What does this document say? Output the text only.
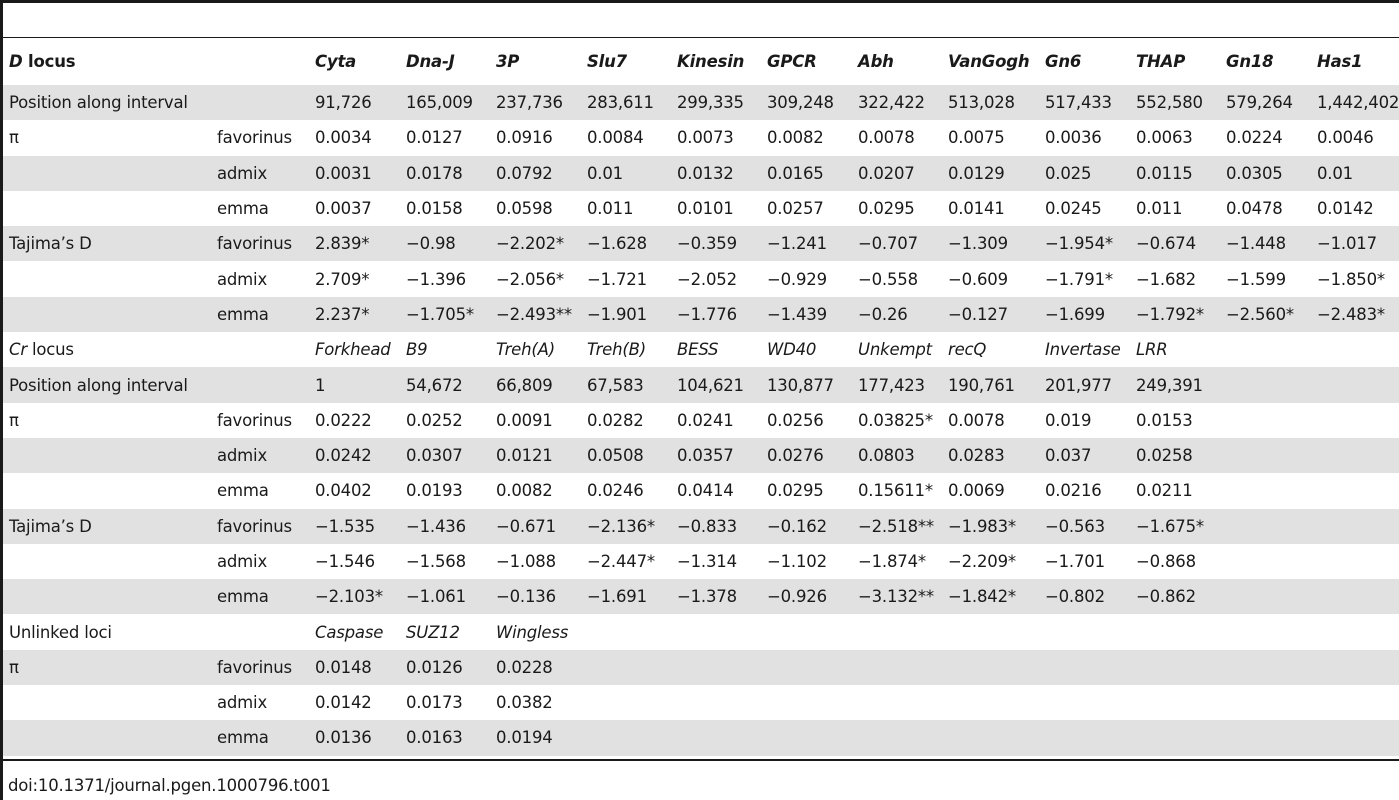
D locus		Cyta	Dna-J	3P	Slu7	Kinesin	GPCR	Abh	VanGogh	Gn6	THAP	Gn18	Has1
Position along interval		91,726	165,009	237,736	283,611	299,335	309,248	322,422	513,028	517,433	552,580	579,264	1,442,402
π	favorinus	0.0034	0.0127	0.0916	0.0084	0.0073	0.0082	0.0078	0.0075	0.0036	0.0063	0.0224	0.0046
	admix	0.0031	0.0178	0.0792	0.01	0.0132	0.0165	0.0207	0.0129	0.025	0.0115	0.0305	0.01
	emma	0.0037	0.0158	0.0598	0.011	0.0101	0.0257	0.0295	0.0141	0.0245	0.011	0.0478	0.0142
Tajima’s D	favorinus	2.839*	−0.98	−2.202*	−1.628	−0.359	−1.241	−0.707	−1.309	−1.954*	−0.674	−1.448	−1.017
	admix	2.709*	−1.396	−2.056*	−1.721	−2.052	−0.929	−0.558	−0.609	−1.791*	−1.682	−1.599	−1.850*
	emma	2.237*	−1.705*	−2.493**	−1.901	−1.776	−1.439	−0.26	−0.127	−1.699	−1.792*	−2.560*	−2.483*
Cr locus		Forkhead	B9	Treh(A)	Treh(B)	BESS	WD40	Unkempt	recQ	Invertase	LRR		
Position along interval		1	54,672	66,809	67,583	104,621	130,877	177,423	190,761	201,977	249,391		
π	favorinus	0.0222	0.0252	0.0091	0.0282	0.0241	0.0256	0.03825*	0.0078	0.019	0.0153		
	admix	0.0242	0.0307	0.0121	0.0508	0.0357	0.0276	0.0803	0.0283	0.037	0.0258		
	emma	0.0402	0.0193	0.0082	0.0246	0.0414	0.0295	0.15611*	0.0069	0.0216	0.0211		
Tajima’s D	favorinus	−1.535	−1.436	−0.671	−2.136*	−0.833	−0.162	−2.518**	−1.983*	−0.563	−1.675*		
	admix	−1.546	−1.568	−1.088	−2.447*	−1.314	−1.102	−1.874*	−2.209*	−1.701	−0.868		
	emma	−2.103*	−1.061	−0.136	−1.691	−1.378	−0.926	−3.132**	−1.842*	−0.802	−0.862		
Unlinked loci		Caspase	SUZ12	Wingless									
π	favorinus	0.0148	0.0126	0.0228									
	admix	0.0142	0.0173	0.0382									
	emma	0.0136	0.0163	0.0194									
doi:10.1371/journal.pgen.1000796.t001
